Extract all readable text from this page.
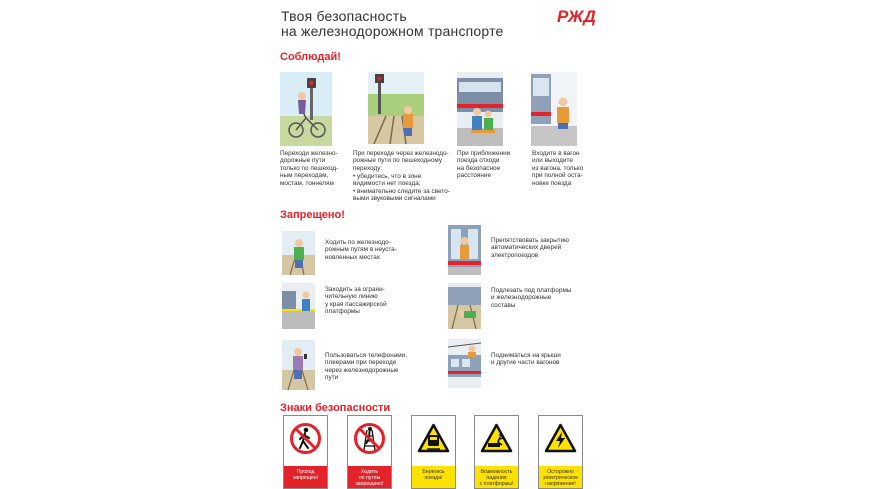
Твоя безопасность
на железнодорожном транспорте
РЖД
Соблюдай!
Переходи железно-
дорожные пути
только по пешеход-
ным переходам,
мостам, тоннелям
При переходе через железнодо-
рожные пути по пешеходному
переходу:
• убедитесь, что в зоне
видимости нет поезда;
• внимательно следите за свето-
выми звуковыми сигналами
При приближении
поезда отходи
на безопасное
расстояние
Входите в вагон
или выходите
из вагона, только
при полной оста-
новке поезда
Запрещено!
Ходить по железнодо-
рожным путям в неуста-
новленных местах
Препятствовать закрытию
автоматических дверей
электропоездов
Заходить за ограни-
чительную линию
у края пассажирской
платформы
Подлезать под платформы
и железнодорожные
составы
Пользоваться телефонами,
плеерами при переходе
через железнодорожные
пути
Подниматься на крыши
и другие части вагонов
Знаки безопасности
Проход
запрещен!
Ходить
по путям
запрещено!
Берегись
поезда!
Возможность
падения
с платформы!
Осторожно
электрическое
напряжение!
